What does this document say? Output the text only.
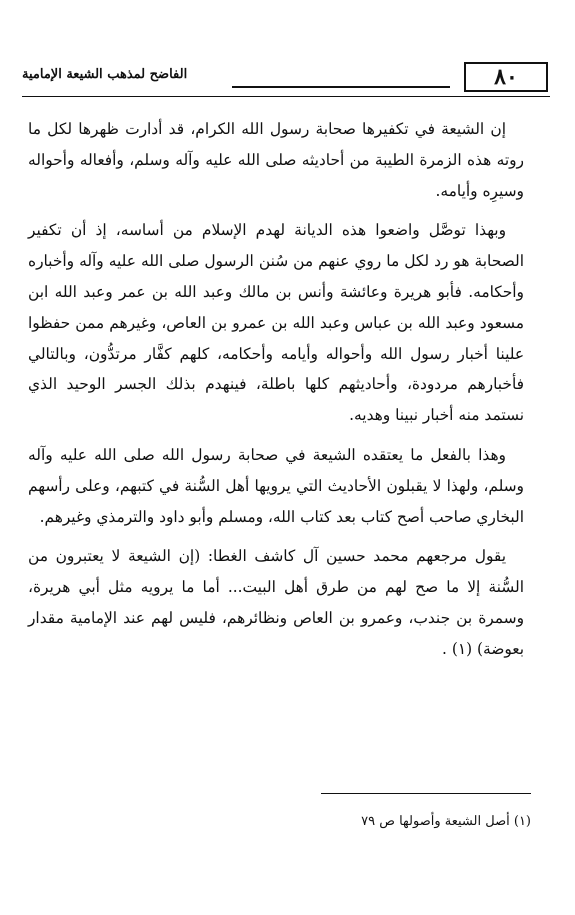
٨٠
الفاضح لمذهب الشيعة الإمامية

إن الشيعة في تكفيرها صحابة رسول الله الكرام، قد أدارت ظهرها لكل ما روته هذه الزمرة الطيبة من أحاديثه صلى الله عليه وآله وسلم، وأفعاله وأحواله وسيرِه وأيامه.

وبهذا توصَّل واضعوا هذه الديانة لهدم الإسلام من أساسه، إذ أن تكفير الصحابة هو رد لكل ما روي عنهم من سُنن الرسول صلى الله عليه وآله وأخباره وأحكامه. فأبو هريرة وعائشة وأنس بن مالك وعبد الله بن عمر وعبد الله ابن مسعود وعبد الله بن عباس وعبد الله بن عمرو بن العاص، وغيرهم ممن حفظوا علينا أخبار رسول الله وأحواله وأيامه وأحكامه، كلهم كفَّار مرتدُّون، وبالتالي فأخبارهم مردودة، وأحاديثهم كلها باطلة، فينهدم بذلك الجسر الوحيد الذي نستمد منه أخبار نبينا وهديه.

وهذا بالفعل ما يعتقده الشيعة في صحابة رسول الله صلى الله عليه وآله وسلم، ولهذا لا يقبلون الأحاديث التي يرويها أهل السُّنة في كتبهم، وعلى رأسهم البخاري صاحب أصح كتاب بعد كتاب الله، ومسلم وأبو داود والترمذي وغيرهم.

يقول مرجعهم محمد حسين آل كاشف الغطا: (إن الشيعة لا يعتبرون من السُّنة إلا ما صح لهم من طرق أهل البيت... أما ما يرويه مثل أبي هريرة، وسمرة بن جندب، وعمرو بن العاص ونظائرهم، فليس لهم عند الإمامية مقدار بعوضة) (١) .

(١) أصل الشيعة وأصولها ص ٧٩
